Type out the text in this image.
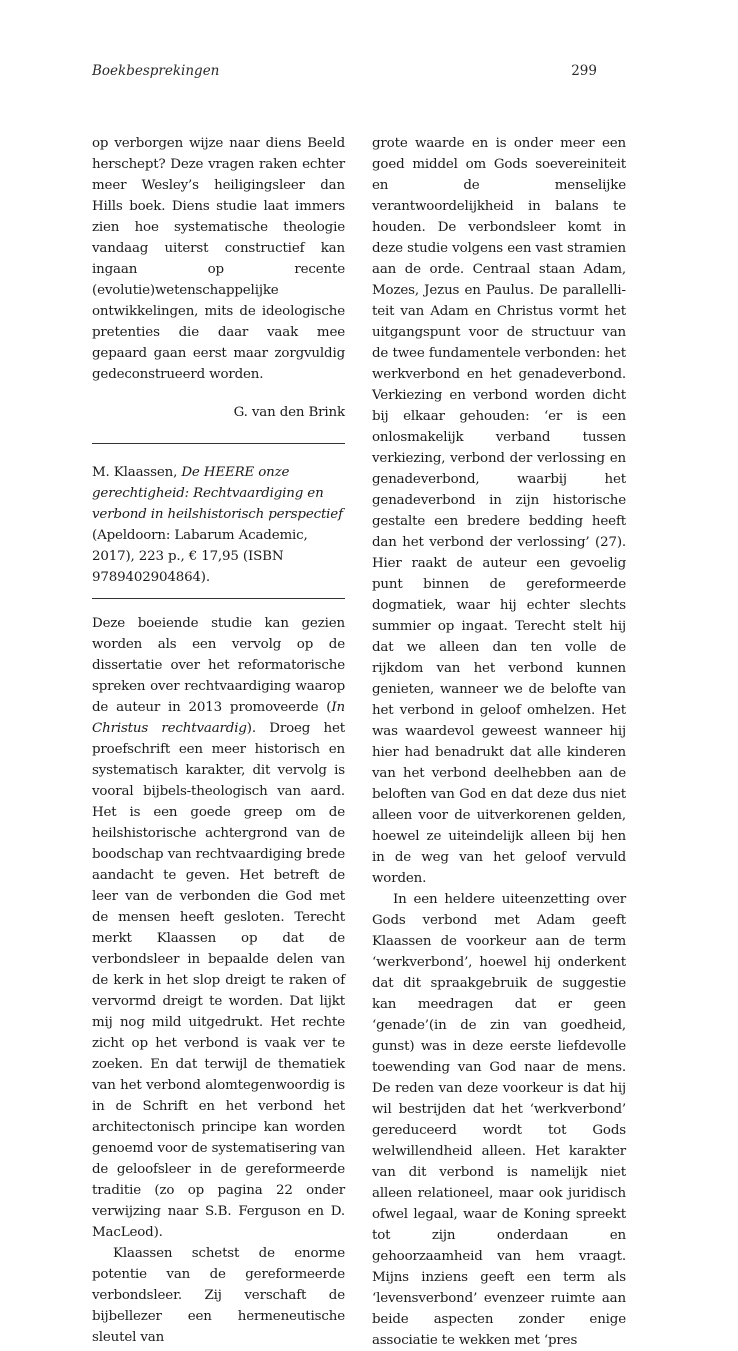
Boekbesprekingen	299

op verborgen wijze naar diens Beeld herschept? Deze vragen raken echter meer Wesley’s heiligingsleer dan Hills boek. Diens studie laat immers zien hoe systematische theologie vandaag uiterst constructief kan ingaan op recente (evolutie)wetenschappelijke ontwikkelingen, mits de ideologische pretenties die daar vaak mee gepaard gaan eerst maar zorgvuldig gedeconstrueerd worden.

G. van den Brink

M. Klaassen, De HEERE onze gerechtigheid: Rechtvaardiging en verbond in heilshistorisch perspectief (Apeldoorn: Labarum Academic, 2017), 223 p., € 17,95 (ISBN 9789402904864).

Deze boeiende studie kan gezien worden als een vervolg op de dissertatie over het reformatorische spreken over rechtvaardiging waarop de auteur in 2013 promoveerde (In Christus rechtvaardig). Droeg het proefschrift een meer historisch en systematisch karakter, dit vervolg is vooral bijbels-theologisch van aard. Het is een goede greep om de heilshistorische achtergrond van de boodschap van rechtvaardiging brede aandacht te geven. Het betreft de leer van de verbonden die God met de mensen heeft gesloten. Terecht merkt Klaassen op dat de verbondsleer in bepaalde delen van de kerk in het slop dreigt te raken of vervormd dreigt te worden. Dat lijkt mij nog mild uitgedrukt. Het rechte zicht op het verbond is vaak ver te zoeken. En dat terwijl de thematiek van het verbond alomtegenwoordig is in de Schrift en het verbond het architectonisch principe kan worden genoemd voor de systematisering van de geloofsleer in de gereformeerde traditie (zo op pagina 22 onder verwijzing naar S.B. Ferguson en D. MacLeod).

Klaassen schetst de enorme potentie van de gereformeerde verbondsleer. Zij verschaft de bijbellezer een hermeneutische sleutel van

grote waarde en is onder meer een goed middel om Gods soevereiniteit en de menselijke verantwoordelijkheid in balans te houden. De verbondsleer komt in deze studie volgens een vast stramien aan de orde. Centraal staan Adam, Mozes, Jezus en Paulus. De parallelliteit van Adam en Christus vormt het uitgangspunt voor de structuur van de twee fundamentele verbonden: het werkverbond en het genadeverbond. Verkiezing en verbond worden dicht bij elkaar gehouden: ‘er is een onlosmakelijk verband tussen verkiezing, verbond der verlossing en genadeverbond, waarbij het genadeverbond in zijn historische gestalte een bredere bedding heeft dan het verbond der verlossing’ (27). Hier raakt de auteur een gevoelig punt binnen de gereformeerde dogmatiek, waar hij echter slechts summier op ingaat. Terecht stelt hij dat we alleen dan ten volle de rijkdom van het verbond kunnen genieten, wanneer we de belofte van het verbond in geloof omhelzen. Het was waardevol geweest wanneer hij hier had benadrukt dat alle kinderen van het verbond deelhebben aan de beloften van God en dat deze dus niet alleen voor de uitverkorenen gelden, hoewel ze uiteindelijk alleen bij hen in de weg van het geloof vervuld worden.

In een heldere uiteenzetting over Gods verbond met Adam geeft Klaassen de voorkeur aan de term ‘werkverbond’, hoewel hij onderkent dat dit spraakgebruik de suggestie kan meedragen dat er geen ‘genade’(in de zin van goedheid, gunst) was in deze eerste liefdevolle toewending van God naar de mens. De reden van deze voorkeur is dat hij wil bestrijden dat het ‘werkverbond’ gereduceerd wordt tot Gods welwillendheid alleen. Het karakter van dit verbond is namelijk niet alleen relationeel, maar ook juridisch ofwel legaal, waar de Koning spreekt tot zijn onderdaan en gehoorzaamheid van hem vraagt. Mijns inziens geeft een term als ‘levensverbond’ evenzeer ruimte aan beide aspecten zonder enige associatie te wekken met ‘pres
